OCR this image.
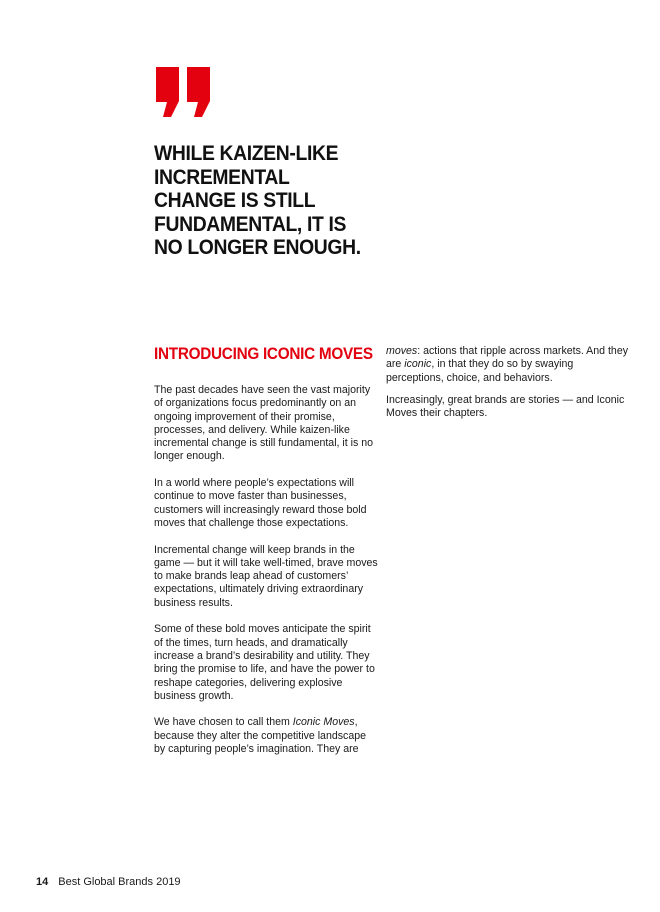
WHILE KAIZEN-LIKE INCREMENTAL CHANGE IS STILL FUNDAMENTAL, IT IS NO LONGER ENOUGH.
INTRODUCING ICONIC MOVES

The past decades have seen the vast majority of organizations focus predominantly on an ongoing improvement of their promise, processes, and delivery. While kaizen-like incremental change is still fundamental, it is no longer enough.

In a world where people’s expectations will continue to move faster than businesses, customers will increasingly reward those bold moves that challenge those expectations.

Incremental change will keep brands in the game — but it will take well-timed, brave moves to make brands leap ahead of customers’ expectations, ultimately driving extraordinary business results.

Some of these bold moves anticipate the spirit of the times, turn heads, and dramatically increase a brand’s desirability and utility. They bring the promise to life, and have the power to reshape categories, delivering explosive business growth.

We have chosen to call them Iconic Moves, because they alter the competitive landscape by capturing people’s imagination. They are

moves: actions that ripple across markets. And they are iconic, in that they do so by swaying perceptions, choice, and behaviors.

Increasingly, great brands are stories — and Iconic Moves their chapters.

14 Best Global Brands 2019
